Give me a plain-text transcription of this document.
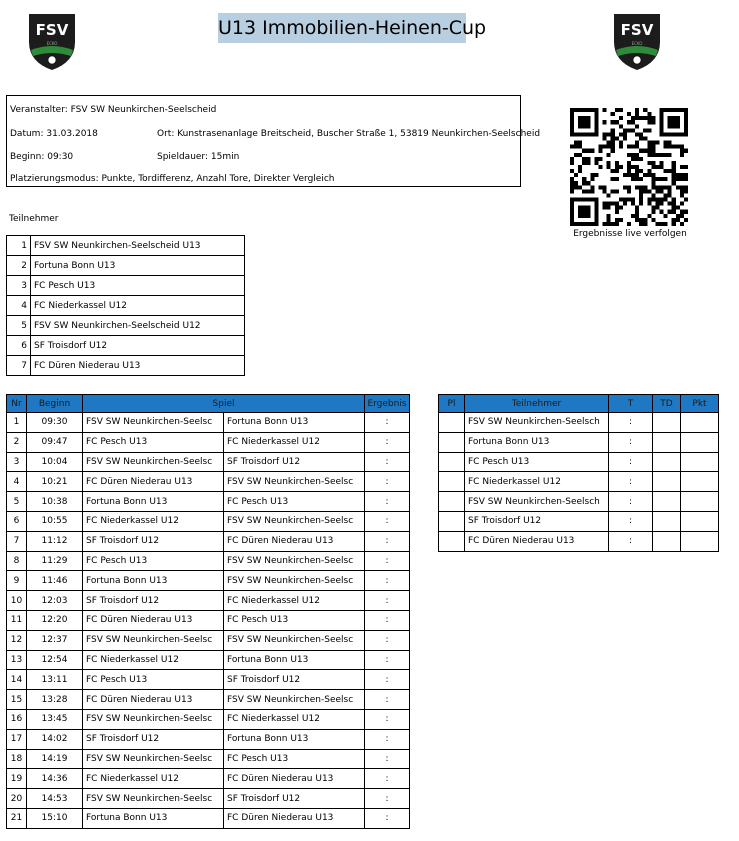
FSV
ECKO
FSV
ECKO
U13 Immobilien-Heinen-Cup
Veranstalter: FSV SW Neunkirchen-Seelscheid
Datum: 31.03.2018	Ort: Kunstrasenanlage Breitscheid, Buscher Straße 1, 53819 Neunkirchen-Seelscheid
Beginn: 09:30	Spieldauer: 15min
Platzierungsmodus: Punkte, Tordifferenz, Anzahl Tore, Direkter Vergleich
Ergebnisse live verfolgen
Teilnehmer
1	FSV SW Neunkirchen-Seelscheid U13
2	Fortuna Bonn U13
3	FC Pesch U13
4	FC Niederkassel U12
5	FSV SW Neunkirchen-Seelscheid U12
6	SF Troisdorf U12
7	FC Düren Niederau U13
Nr	Beginn	Spiel		Ergebnis
1	09:30	FSV SW Neunkirchen-Seelsc	Fortuna Bonn U13	:
2	09:47	FC Pesch U13	FC Niederkassel U12	:
3	10:04	FSV SW Neunkirchen-Seelsc	SF Troisdorf U12	:
4	10:21	FC Düren Niederau U13	FSV SW Neunkirchen-Seelsc	:
5	10:38	Fortuna Bonn U13	FC Pesch U13	:
6	10:55	FC Niederkassel U12	FSV SW Neunkirchen-Seelsc	:
7	11:12	SF Troisdorf U12	FC Düren Niederau U13	:
8	11:29	FC Pesch U13	FSV SW Neunkirchen-Seelsc	:
9	11:46	Fortuna Bonn U13	FSV SW Neunkirchen-Seelsc	:
10	12:03	SF Troisdorf U12	FC Niederkassel U12	:
11	12:20	FC Düren Niederau U13	FC Pesch U13	:
12	12:37	FSV SW Neunkirchen-Seelsc	FSV SW Neunkirchen-Seelsc	:
13	12:54	FC Niederkassel U12	Fortuna Bonn U13	:
14	13:11	FC Pesch U13	SF Troisdorf U12	:
15	13:28	FC Düren Niederau U13	FSV SW Neunkirchen-Seelsc	:
16	13:45	FSV SW Neunkirchen-Seelsc	FC Niederkassel U12	:
17	14:02	SF Troisdorf U12	Fortuna Bonn U13	:
18	14:19	FSV SW Neunkirchen-Seelsc	FC Pesch U13	:
19	14:36	FC Niederkassel U12	FC Düren Niederau U13	:
20	14:53	FSV SW Neunkirchen-Seelsc	SF Troisdorf U12	:
21	15:10	Fortuna Bonn U13	FC Düren Niederau U13	:
Pl	Teilnehmer	T	TD	Pkt
	FSV SW Neunkirchen-Seelsch	:		
	Fortuna Bonn U13	:		
	FC Pesch U13	:		
	FC Niederkassel U12	:		
	FSV SW Neunkirchen-Seelsch	:		
	SF Troisdorf U12	:		
	FC Düren Niederau U13	:		
